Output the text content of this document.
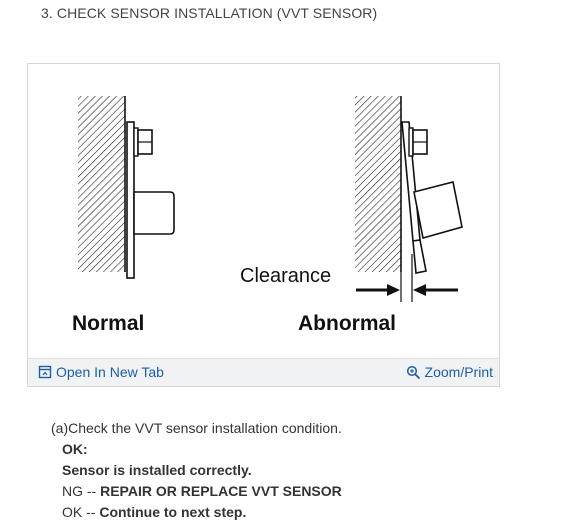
3. CHECK SENSOR INSTALLATION (VVT SENSOR)
Normal	Abnormal
Clearance
Open In New Tab	Zoom/Print
(a)Check the VVT sensor installation condition.
OK:
Sensor is installed correctly.
NG -- REPAIR OR REPLACE VVT SENSOR
OK -- Continue to next step.
